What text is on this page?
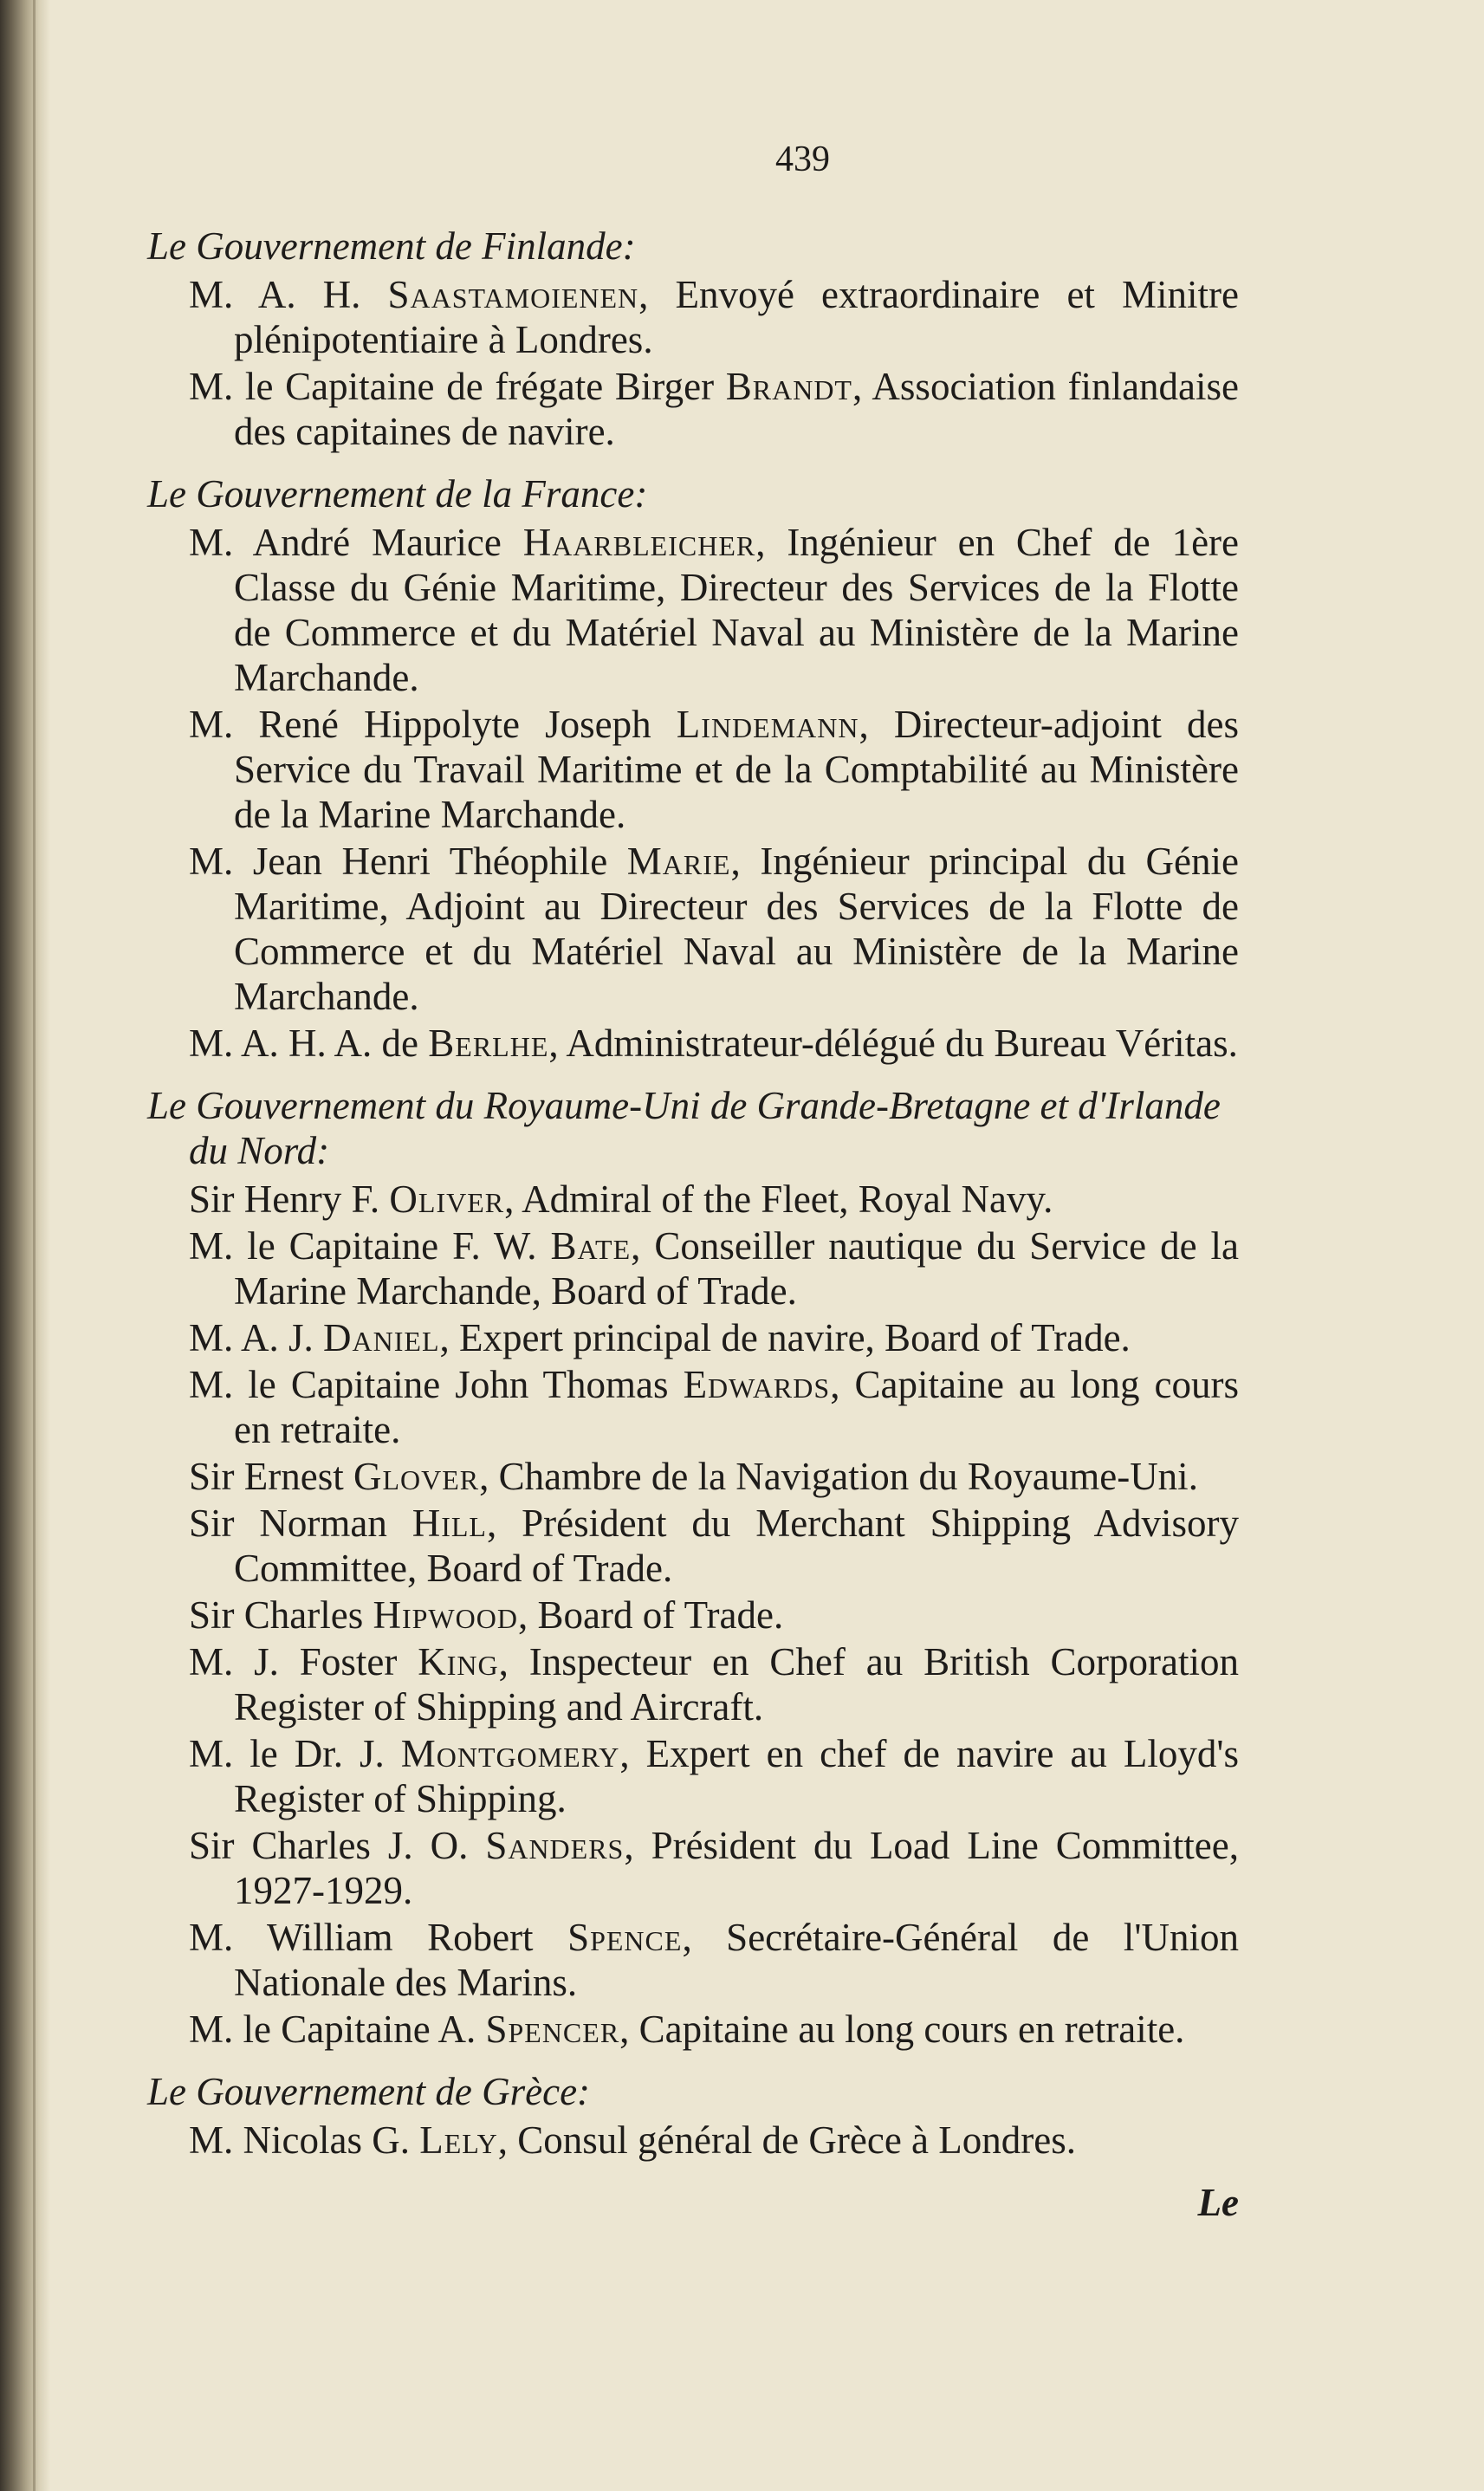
439

Le Gouvernement de Finlande:

M. A. H. Saastamoienen, Envoyé extraordinaire et Minitre plénipotentiaire à Londres.

M. le Capitaine de frégate Birger Brandt, Association finlandaise des capitaines de navire.

Le Gouvernement de la France:

M. André Maurice Haarbleicher, Ingénieur en Chef de 1ère Classe du Génie Maritime, Directeur des Services de la Flotte de Commerce et du Matériel Naval au Ministère de la Marine Marchande.

M. René Hippolyte Joseph Lindemann, Directeur-adjoint des Service du Travail Maritime et de la Comptabilité au Ministère de la Marine Marchande.

M. Jean Henri Théophile Marie, Ingénieur principal du Génie Maritime, Adjoint au Directeur des Services de la Flotte de Commerce et du Matériel Naval au Ministère de la Marine Marchande.

M. A. H. A. de Berlhe, Administrateur-délégué du Bureau Véritas.

Le Gouvernement du Royaume-Uni de Grande-Bretagne et d'Irlande du Nord:

Sir Henry F. Oliver, Admiral of the Fleet, Royal Navy.

M. le Capitaine F. W. Bate, Conseiller nautique du Service de la Marine Marchande, Board of Trade.

M. A. J. Daniel, Expert principal de navire, Board of Trade.

M. le Capitaine John Thomas Edwards, Capitaine au long cours en retraite.

Sir Ernest Glover, Chambre de la Navigation du Royaume-Uni.

Sir Norman Hill, Président du Merchant Shipping Advisory Committee, Board of Trade.

Sir Charles Hipwood, Board of Trade.

M. J. Foster King, Inspecteur en Chef au British Corporation Register of Shipping and Aircraft.

M. le Dr. J. Montgomery, Expert en chef de navire au Lloyd's Register of Shipping.

Sir Charles J. O. Sanders, Président du Load Line Committee, 1927-1929.

M. William Robert Spence, Secrétaire-Général de l'Union Nationale des Marins.

M. le Capitaine A. Spencer, Capitaine au long cours en retraite.

Le Gouvernement de Grèce:

M. Nicolas G. Lely, Consul général de Grèce à Londres.

Le
